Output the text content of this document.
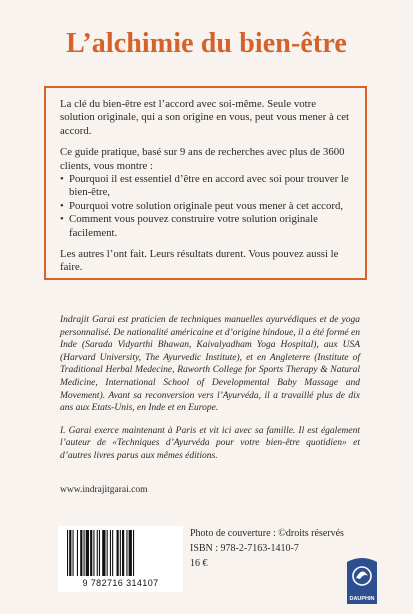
L’alchimie du bien-être

La clé du bien-être est l’accord avec soi-même. Seule votre solution originale, qui a son origine en vous, peut vous mener à cet accord.

Ce guide pratique, basé sur 9 ans de recherches avec plus de 3600 clients, vous montre :

• Pourquoi il est essentiel d’être en accord avec soi pour trouver le bien-être,
• Pourquoi votre solution originale peut vous mener à cet accord,
• Comment vous pouvez construire votre solution originale facilement.

Les autres l’ont fait. Leurs résultats durent. Vous pouvez aussi le faire.

Indrajit Garai est praticien de techniques manuelles ayurvédiques et de yoga personnalisé. De nationalité américaine et d’origine hindoue, il a été formé en Inde (Sarada Vidyarthi Bhawan, Kaivalyadham Yoga Hospital), aux USA (Harvard University, The Ayurvedic Institute), et en Angleterre (Institute of Traditional Herbal Medecine, Raworth College for Sports Therapy & Natural Medicine, International School of Developmental Baby Massage and Movement). Avant sa reconversion vers l’Ayurvéda, il a travaillé plus de dix ans aux Etats-Unis, en Inde et en Europe.

I. Garai exerce maintenant à Paris et vit ici avec sa famille. Il est également l’auteur de «Techniques d’Ayurvéda pour votre bien-être quotidien» et d’autres livres parus aux mêmes éditions.

www.indrajitgarai.com
9 782716 314107
Photo de couverture : ©droits réservés
ISBN : 978-2-7163-1410-7
16 €
DAUPHIN
